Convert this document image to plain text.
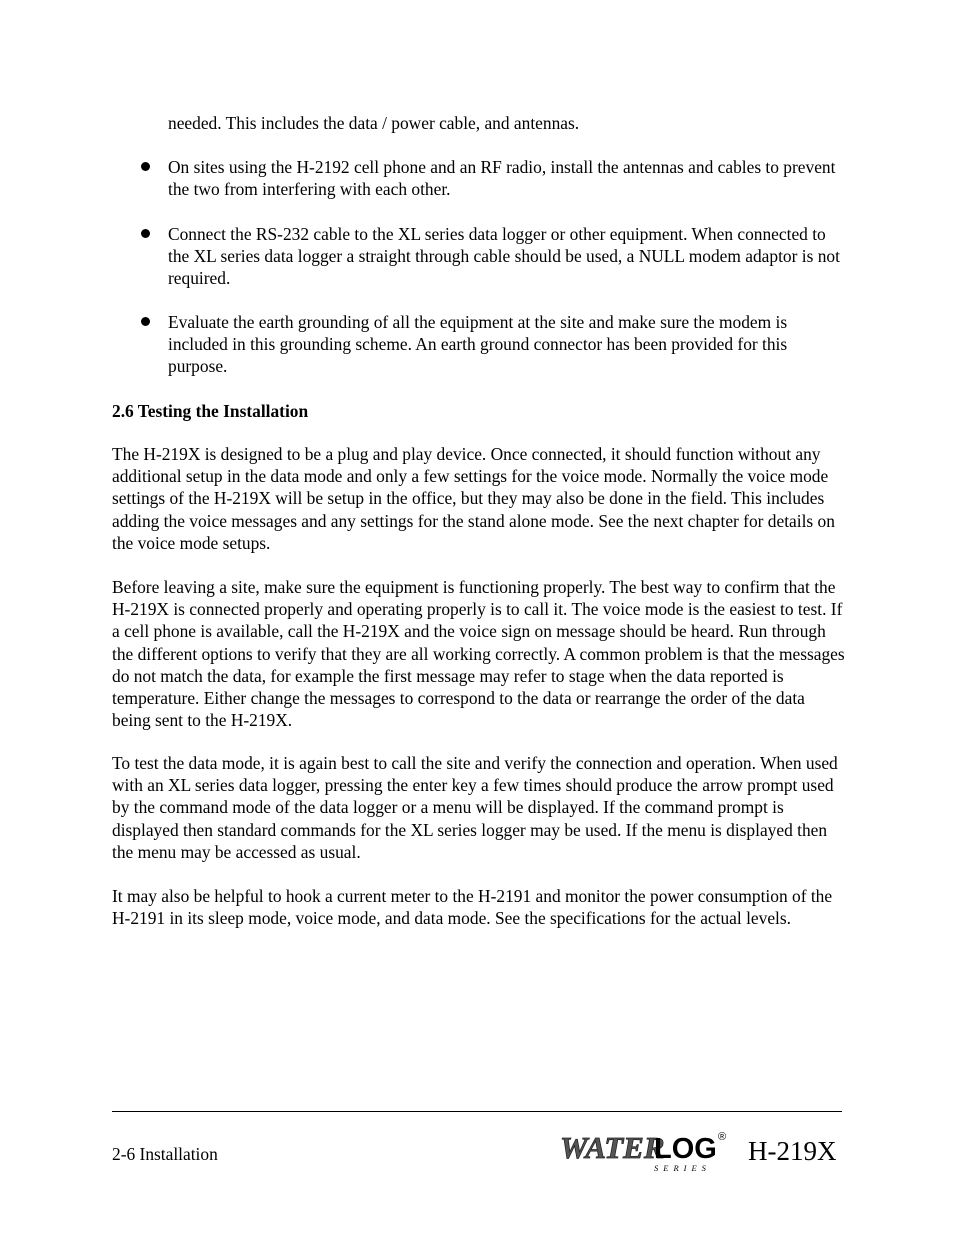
needed. This includes the data / power cable, and antennas.
On sites using the H-2192 cell phone and an RF radio, install the antennas and cables to prevent the two from interfering with each other.
Connect the RS-232 cable to the XL series data logger or other equipment. When connected to the XL series data logger a straight through cable should be used, a NULL modem adaptor is not required.
Evaluate the earth grounding of all the equipment at the site and make sure the modem is included in this grounding scheme. An earth ground connector has been provided for this purpose.
2.6 Testing the Installation
The H-219X is designed to be a plug and play device. Once connected, it should function without any additional setup in the data mode and only a few settings for the voice mode. Normally the voice mode settings of the H-219X will be setup in the office, but they may also be done in the field. This includes adding the voice messages and any settings for the stand alone mode. See the next chapter for details on the voice mode setups.
Before leaving a site, make sure the equipment is functioning properly. The best way to confirm that the H-219X is connected properly and operating properly is to call it. The voice mode is the easiest to test. If a cell phone is available, call the H-219X and the voice sign on message should be heard. Run through the different options to verify that they are all working correctly. A common problem is that the messages do not match the data, for example the first message may refer to stage when the data reported is temperature. Either change the messages to correspond to the data or rearrange the order of the data being sent to the H-219X.
To test the data mode, it is again best to call the site and verify the connection and operation. When used with an XL series data logger, pressing the enter key a few times should produce the arrow prompt used by the command mode of the data logger or a menu will be displayed. If the command prompt is displayed then standard commands for the XL series logger may be used. If the menu is displayed then the menu may be accessed as usual.
It may also be helpful to hook a current meter to the H-2191 and monitor the power consumption of the H-2191 in its sleep mode, voice mode, and data mode. See the specifications for the actual levels.
2-6 Installation	WATER
LOG
SERIES
® H-219X
